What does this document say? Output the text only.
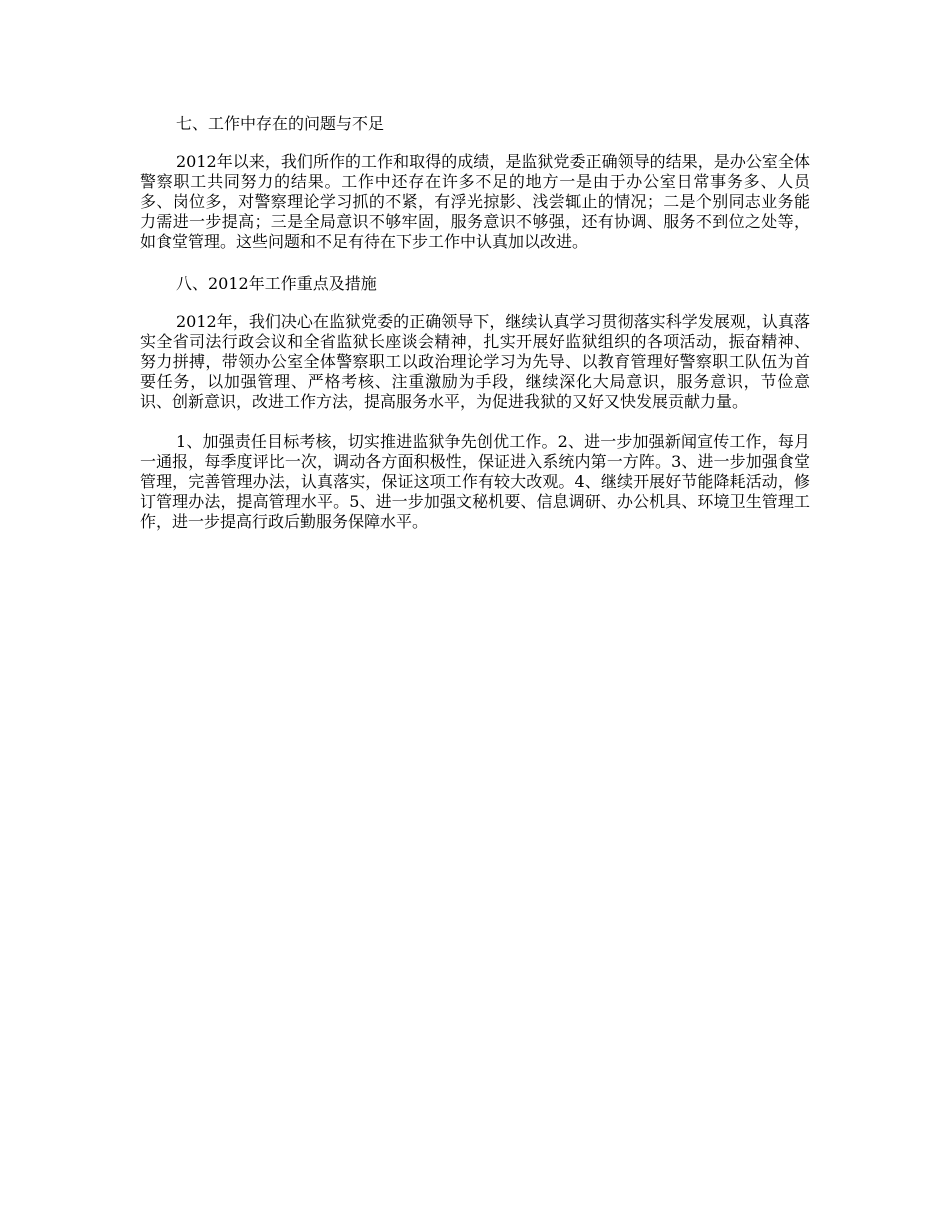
七、工作中存在的问题与不足

2012年以来，我们所作的工作和取得的成绩，是监狱党委正确领导的结果，是办公室全体警察职工共同努力的结果。工作中还存在许多不足的地方一是由于办公室日常事务多、人员多、岗位多，对警察理论学习抓的不紧，有浮光掠影、浅尝辄止的情况；二是个别同志业务能力需进一步提高；三是全局意识不够牢固，服务意识不够强，还有协调、服务不到位之处等，如食堂管理。这些问题和不足有待在下步工作中认真加以改进。

八、2012年工作重点及措施

2012年，我们决心在监狱党委的正确领导下，继续认真学习贯彻落实科学发展观，认真落实全省司法行政会议和全省监狱长座谈会精神，扎实开展好监狱组织的各项活动，振奋精神、努力拼搏，带领办公室全体警察职工以政治理论学习为先导、以教育管理好警察职工队伍为首要任务，以加强管理、严格考核、注重激励为手段，继续深化大局意识，服务意识，节俭意识、创新意识，改进工作方法，提高服务水平，为促进我狱的又好又快发展贡献力量。

1、加强责任目标考核，切实推进监狱争先创优工作。2、进一步加强新闻宣传工作，每月一通报，每季度评比一次，调动各方面积极性，保证进入系统内第一方阵。3、进一步加强食堂管理，完善管理办法，认真落实，保证这项工作有较大改观。4、继续开展好节能降耗活动，修订管理办法，提高管理水平。5、进一步加强文秘机要、信息调研、办公机具、环境卫生管理工作，进一步提高行政后勤服务保障水平。
